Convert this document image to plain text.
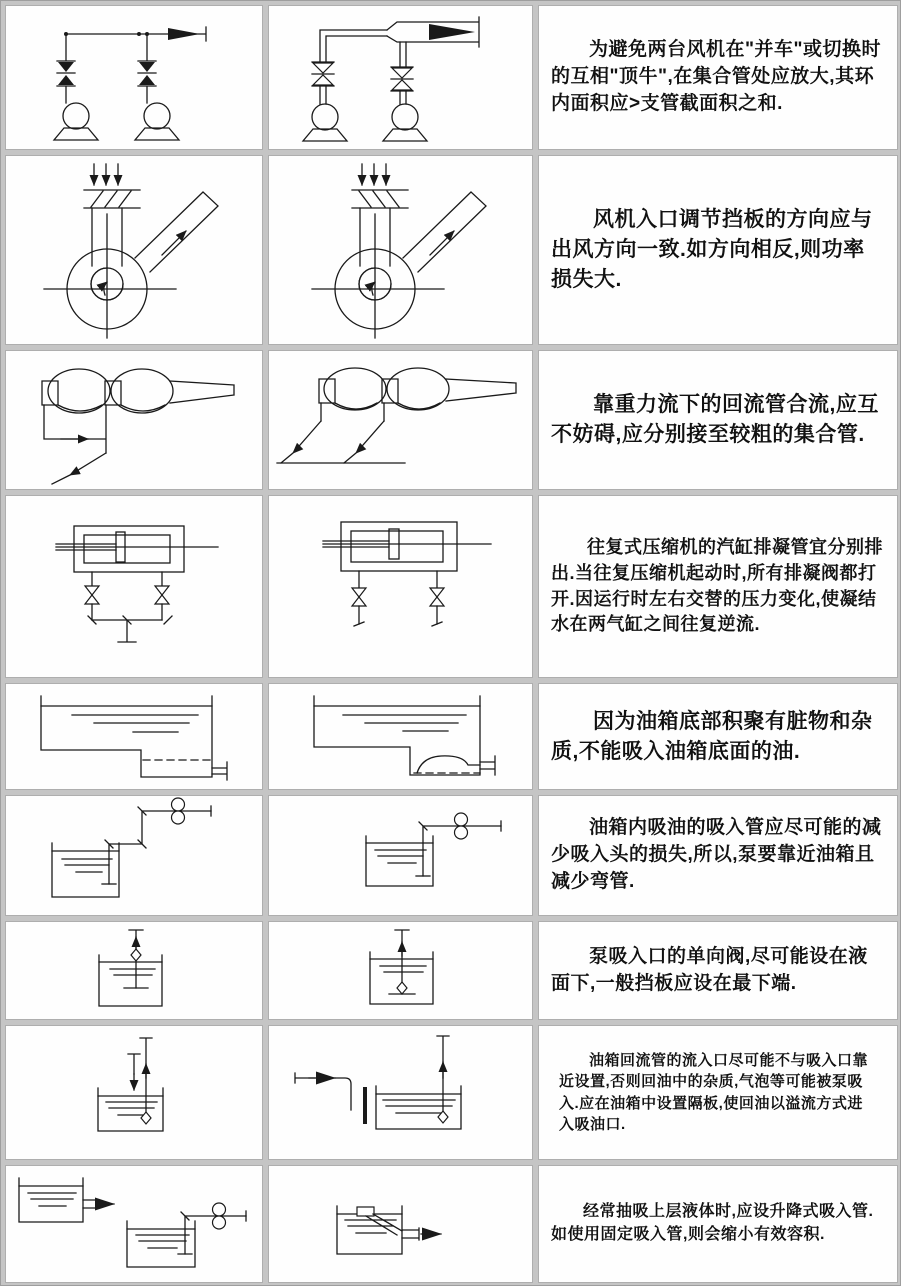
为避免两台风机在"并车"或切换时的互相"顶牛",在集合管处应放大,其环内面积应>支管截面积之和.

风机入口调节挡板的方向应与出风方向一致.如方向相反,则功率损失大.

靠重力流下的回流管合流,应互不妨碍,应分别接至较粗的集合管.

往复式压缩机的汽缸排凝管宜分别排出.当往复压缩机起动时,所有排凝阀都打开.因运行时左右交替的压力变化,使凝结水在两气缸之间往复逆流.

因为油箱底部积聚有脏物和杂质,不能吸入油箱底面的油.

油箱内吸油的吸入管应尽可能的减少吸入头的损失,所以,泵要靠近油箱且减少弯管.

泵吸入口的单向阀,尽可能设在液面下,一般挡板应设在最下端.

油箱回流管的流入口尽可能不与吸入口靠近设置,否则回油中的杂质,气泡等可能被泵吸入.应在油箱中设置隔板,使回油以溢流方式进入吸油口.

经常抽吸上层液体时,应设升降式吸入管.如使用固定吸入管,则会缩小有效容积.
